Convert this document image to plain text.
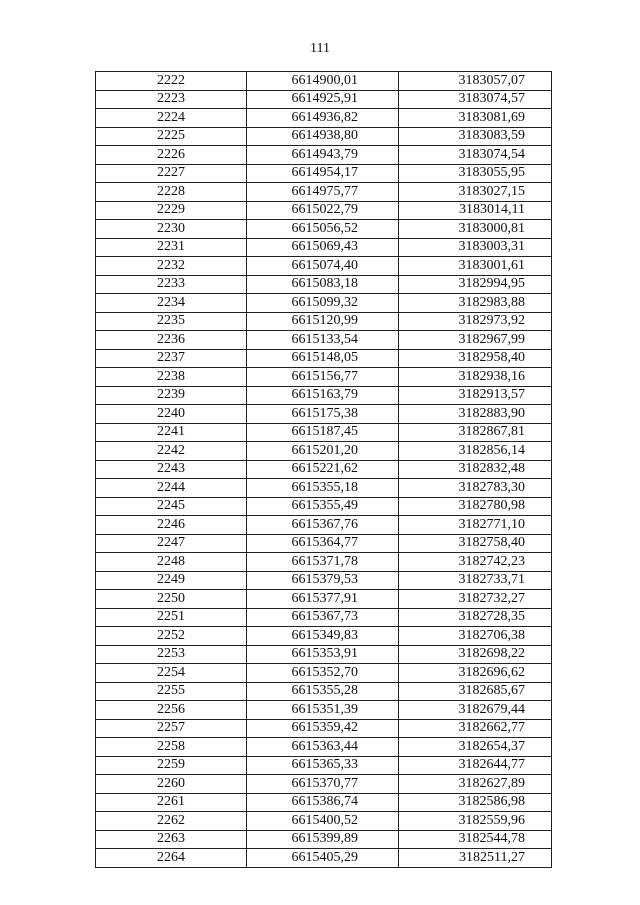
111
2222	6614900,01	3183057,07
2223	6614925,91	3183074,57
2224	6614936,82	3183081,69
2225	6614938,80	3183083,59
2226	6614943,79	3183074,54
2227	6614954,17	3183055,95
2228	6614975,77	3183027,15
2229	6615022,79	3183014,11
2230	6615056,52	3183000,81
2231	6615069,43	3183003,31
2232	6615074,40	3183001,61
2233	6615083,18	3182994,95
2234	6615099,32	3182983,88
2235	6615120,99	3182973,92
2236	6615133,54	3182967,99
2237	6615148,05	3182958,40
2238	6615156,77	3182938,16
2239	6615163,79	3182913,57
2240	6615175,38	3182883,90
2241	6615187,45	3182867,81
2242	6615201,20	3182856,14
2243	6615221,62	3182832,48
2244	6615355,18	3182783,30
2245	6615355,49	3182780,98
2246	6615367,76	3182771,10
2247	6615364,77	3182758,40
2248	6615371,78	3182742,23
2249	6615379,53	3182733,71
2250	6615377,91	3182732,27
2251	6615367,73	3182728,35
2252	6615349,83	3182706,38
2253	6615353,91	3182698,22
2254	6615352,70	3182696,62
2255	6615355,28	3182685,67
2256	6615351,39	3182679,44
2257	6615359,42	3182662,77
2258	6615363,44	3182654,37
2259	6615365,33	3182644,77
2260	6615370,77	3182627,89
2261	6615386,74	3182586,98
2262	6615400,52	3182559,96
2263	6615399,89	3182544,78
2264	6615405,29	3182511,27
